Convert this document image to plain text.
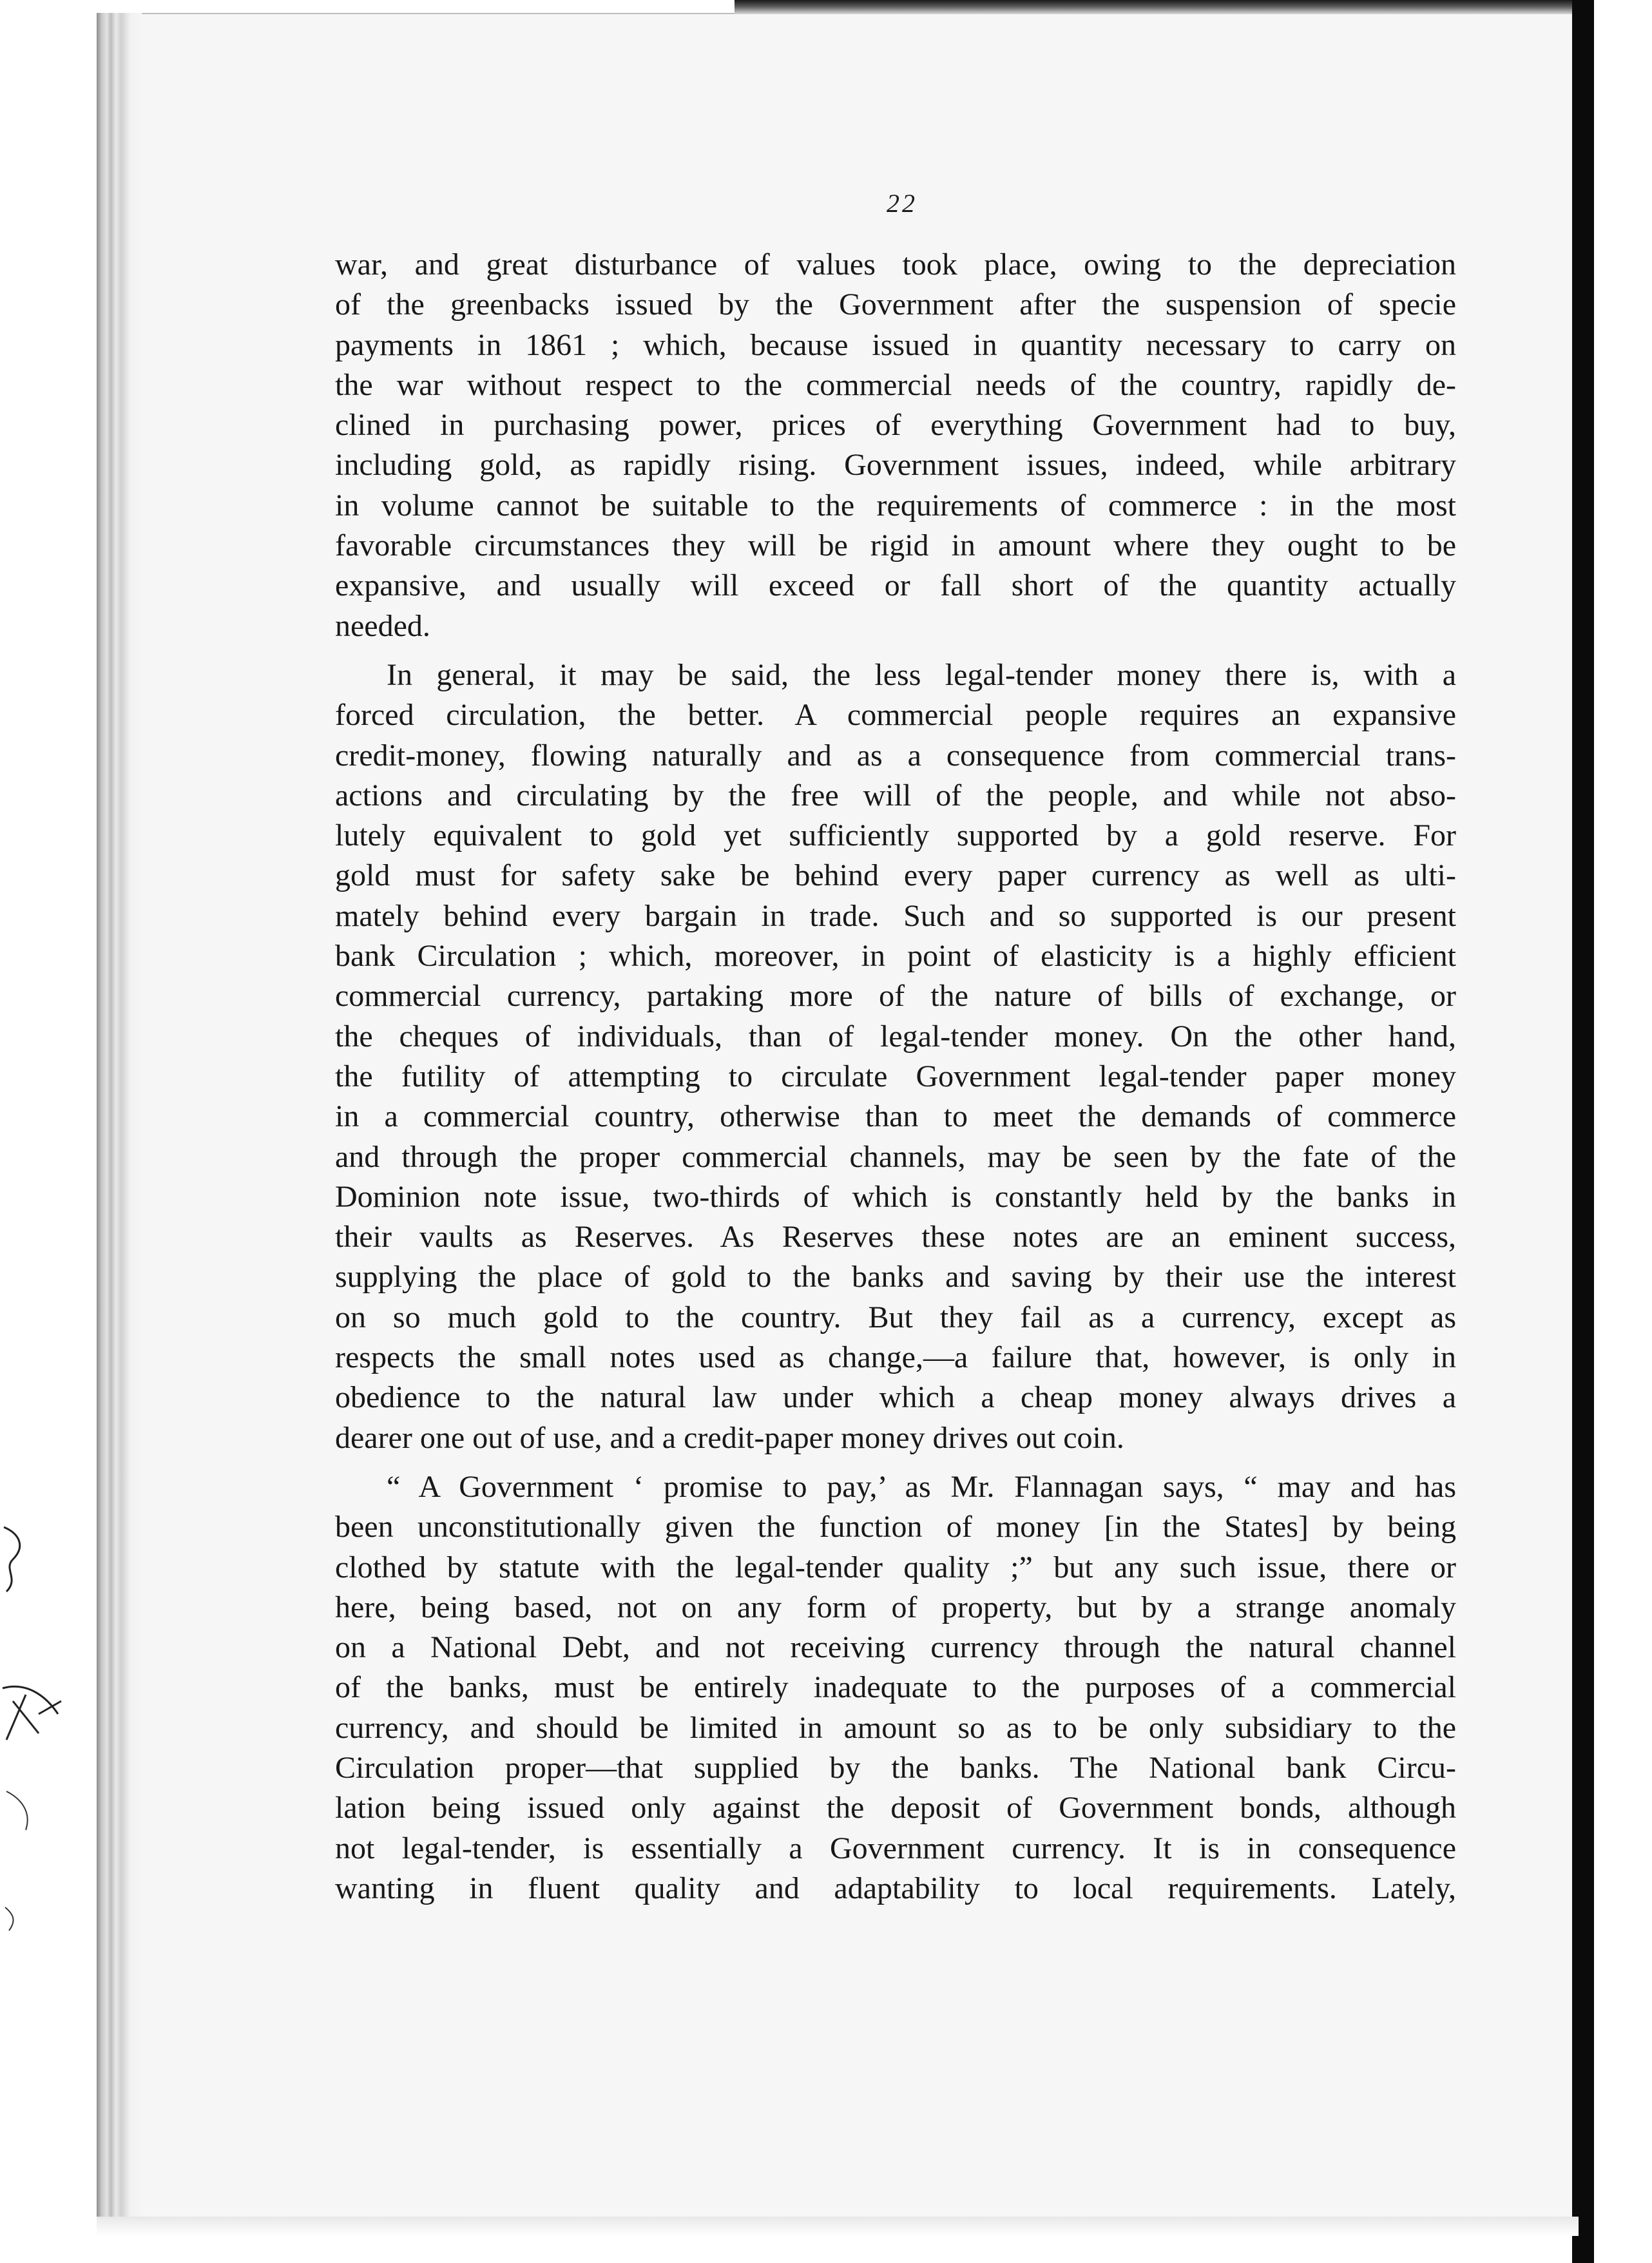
22
war, and great disturbance of values took place, owing to the depreciation
of the greenbacks issued by the Government after the suspension of specie
payments in 1861 ; which, because issued in quantity necessary to carry on
the war without respect to the commercial needs of the country, rapidly de-
clined in purchasing power, prices of everything Government had to buy,
including gold, as rapidly rising. Government issues, indeed, while arbitrary
in volume cannot be suitable to the requirements of commerce : in the most
favorable circumstances they will be rigid in amount where they ought to be
expansive, and usually will exceed or fall short of the quantity actually
needed.
In general, it may be said, the less legal-tender money there is, with a
forced circulation, the better. A commercial people requires an expansive
credit-money, flowing naturally and as a consequence from commercial trans-
actions and circulating by the free will of the people, and while not abso-
lutely equivalent to gold yet sufficiently supported by a gold reserve. For
gold must for safety sake be behind every paper currency as well as ulti-
mately behind every bargain in trade. Such and so supported is our present
bank Circulation ; which, moreover, in point of elasticity is a highly efficient
commercial currency, partaking more of the nature of bills of exchange, or
the cheques of individuals, than of legal-tender money. On the other hand,
the futility of attempting to circulate Government legal-tender paper money
in a commercial country, otherwise than to meet the demands of commerce
and through the proper commercial channels, may be seen by the fate of the
Dominion note issue, two-thirds of which is constantly held by the banks in
their vaults as Reserves. As Reserves these notes are an eminent success,
supplying the place of gold to the banks and saving by their use the interest
on so much gold to the country. But they fail as a currency, except as
respects the small notes used as change,—a failure that, however, is only in
obedience to the natural law under which a cheap money always drives a
dearer one out of use, and a credit-paper money drives out coin.
“ A Government ‘ promise to pay,’ as Mr. Flannagan says, “ may and has
been unconstitutionally given the function of money [in the States] by being
clothed by statute with the legal-tender quality ;” but any such issue, there or
here, being based, not on any form of property, but by a strange anomaly
on a National Debt, and not receiving currency through the natural channel
of the banks, must be entirely inadequate to the purposes of a commercial
currency, and should be limited in amount so as to be only subsidiary to the
Circulation proper—that supplied by the banks. The National bank Circu-
lation being issued only against the deposit of Government bonds, although
not legal-tender, is essentially a Government currency. It is in consequence
wanting in fluent quality and adaptability to local requirements. Lately,
